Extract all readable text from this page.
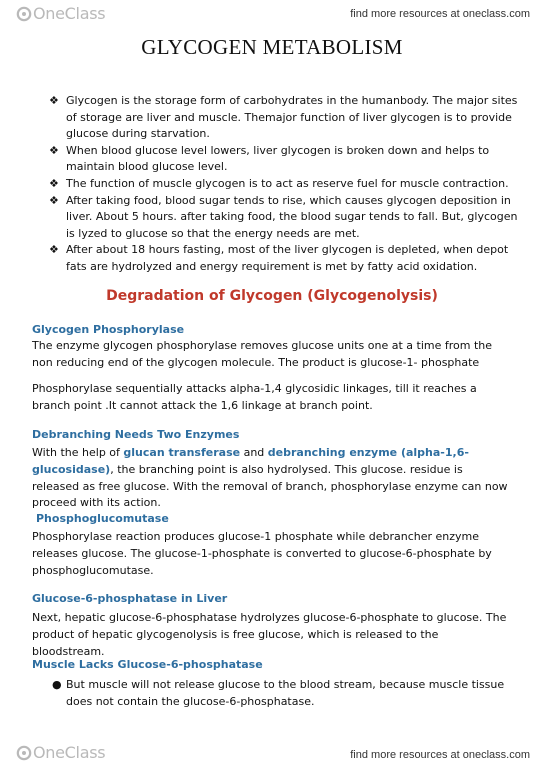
OneClass	find more resources at oneclass.com
GLYCOGEN METABOLISM
❖ Glycogen is the storage form of carbohydrates in the humanbody. The major sites of storage are liver and muscle. Themajor function of liver glycogen is to provide glucose during starvation.
❖ When blood glucose level lowers, liver glycogen is broken down and helps to maintain blood glucose level.
❖ The function of muscle glycogen is to act as reserve fuel for muscle contraction.
❖ After taking food, blood sugar tends to rise, which causes glycogen deposition in liver. About 5 hours. after taking food, the blood sugar tends to fall. But, glycogen is lyzed to glucose so that the energy needs are met.
❖ After about 18 hours fasting, most of the liver glycogen is depleted, when depot fats are hydrolyzed and energy requirement is met by fatty acid oxidation.
Degradation of Glycogen (Glycogenolysis)
Glycogen Phosphorylase

The enzyme glycogen phosphorylase removes glucose units one at a time from the non reducing end of the glycogen molecule. The product is glucose-1- phosphate

Phosphorylase sequentially attacks alpha-1,4 glycosidic linkages, till it reaches a branch point .It cannot attack the 1,6 linkage at branch point.

Debranching Needs Two Enzymes

With the help of glucan transferase and debranching enzyme (alpha-1,6-glucosidase), the branching point is also hydrolysed. This glucose. residue is released as free glucose. With the removal of branch, phosphorylase enzyme can now proceed with its action.

Phosphoglucomutase

Phosphorylase reaction produces glucose-1 phosphate while debrancher enzyme releases glucose. The glucose-1-phosphate is converted to glucose-6-phosphate by phosphoglucomutase.

Glucose-6-phosphatase in Liver

Next, hepatic glucose-6-phosphatase hydrolyzes glucose-6-phosphate to glucose. The product of hepatic glycogenolysis is free glucose, which is released to the bloodstream.

Muscle Lacks Glucose-6-phosphatase
● But muscle will not release glucose to the blood stream, because muscle tissue does not contain the glucose-6-phosphatase.
OneClass	find more resources at oneclass.com
